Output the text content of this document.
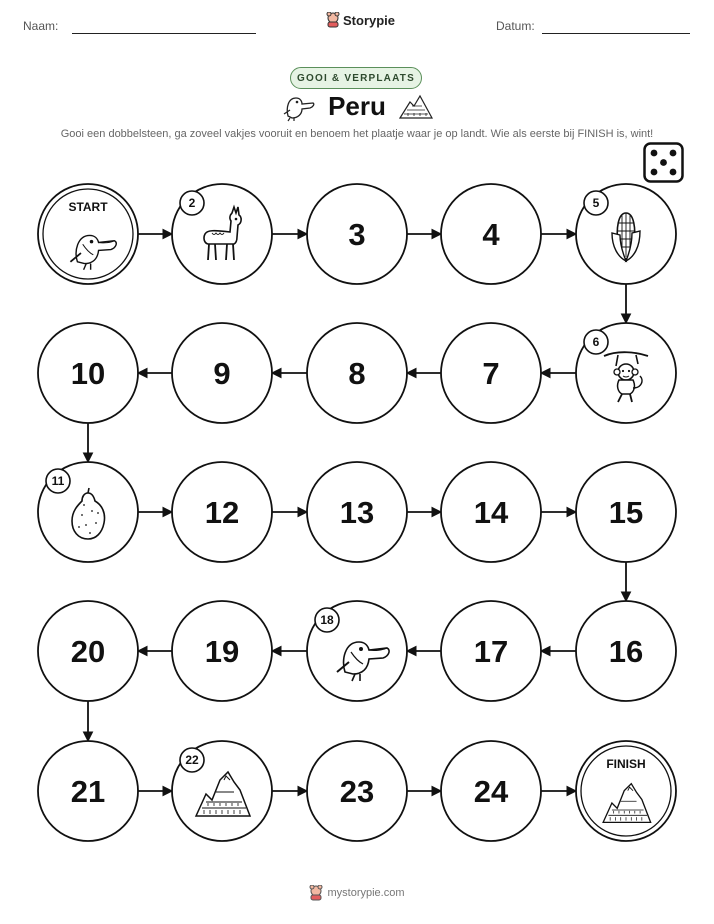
Naam:	Storypie	Datum:
GOOI & VERPLAATS
Peru
Gooi een dobbelsteen, ga zoveel vakjes vooruit en benoem het plaatje waar je op landt. Wie als eerste bij FINISH is, wint!
START	2
3	4
5
6
7
8
9
10
11
12	13	14	15
16
17
18
19
20
21
22
23	24
FINISH
mystorypie.com
